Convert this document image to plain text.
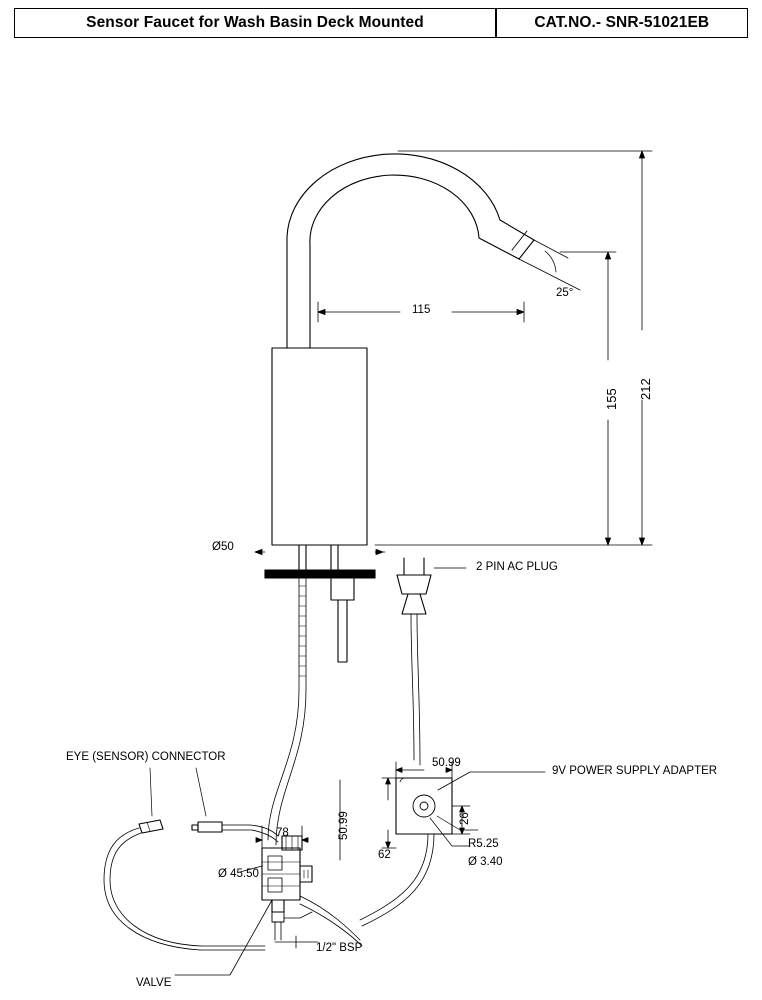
Sensor Faucet for Wash Basin Deck Mounted	CAT.NO.- SNR-51021EB
115
25°
212
155
Ø50
2 PIN AC PLUG
9V POWER SUPPLY ADAPTER
EYE (SENSOR) CONNECTOR
VALVE
1/2" BSP
50.99
26
62
R5.25
Ø 3.40
50.99
78
Ø 45.50
